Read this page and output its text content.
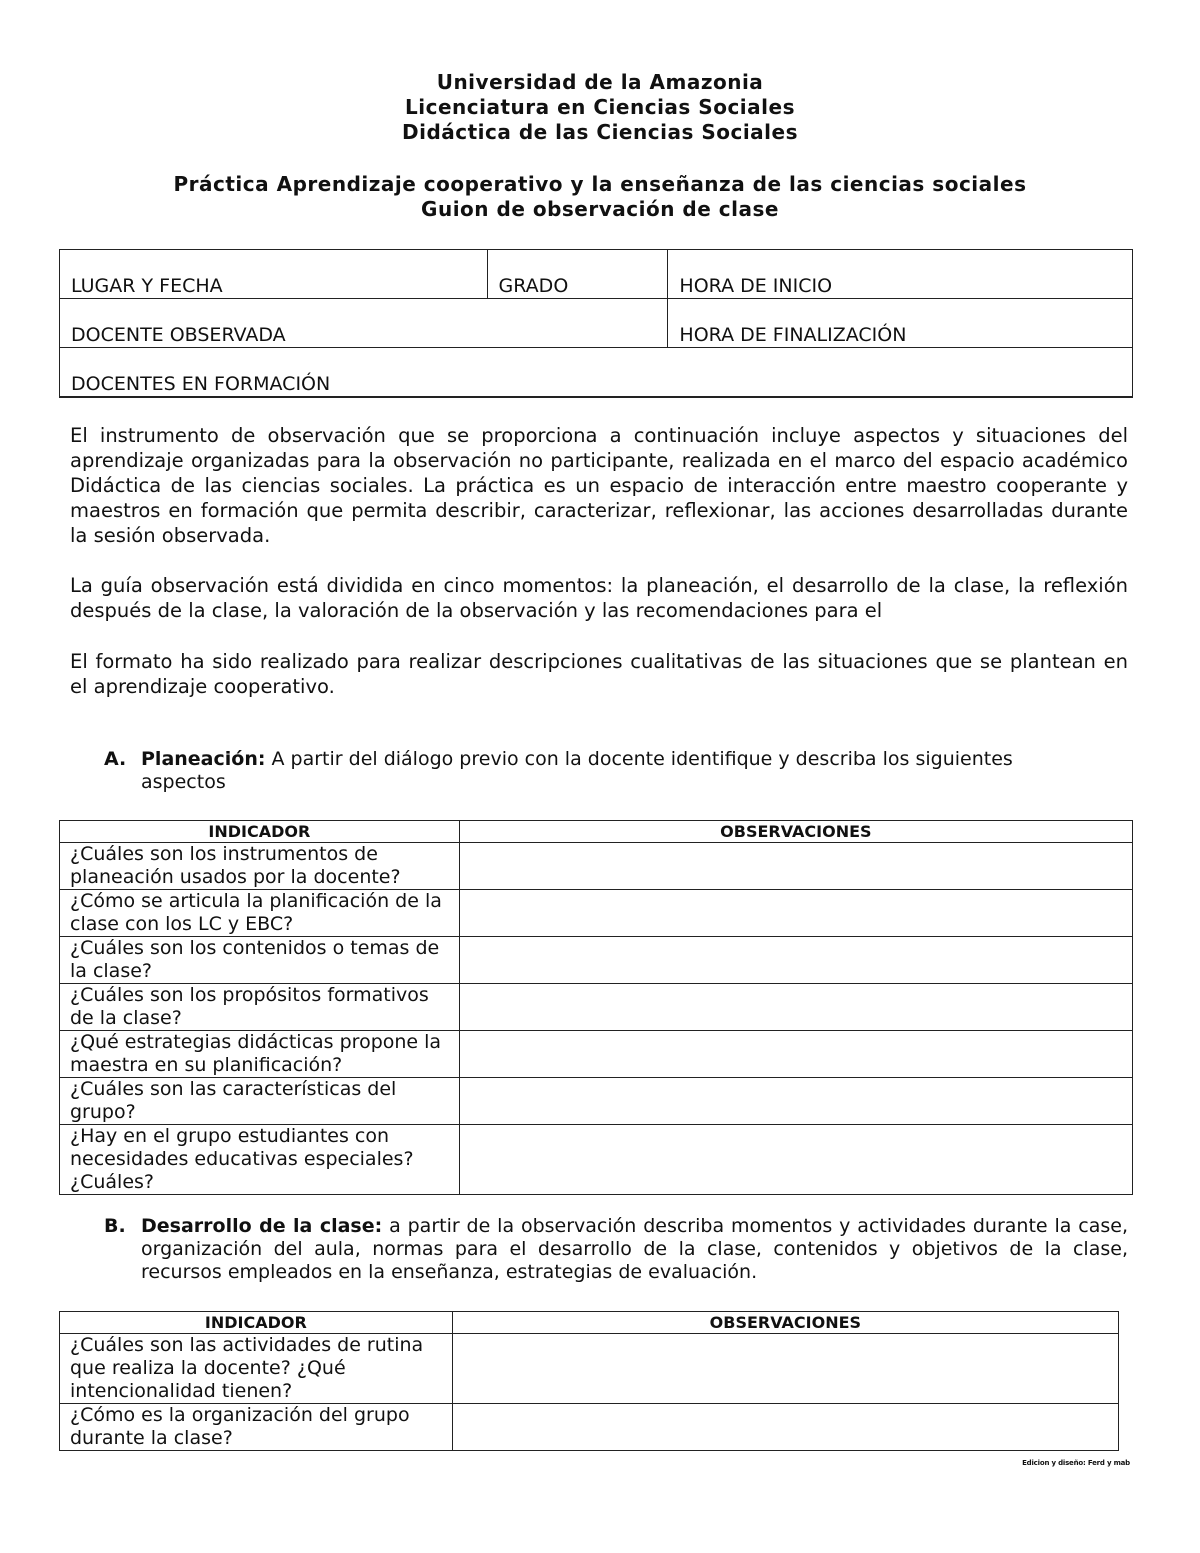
Universidad de la Amazonia
Licenciatura en Ciencias Sociales
Didáctica de las Ciencias Sociales
Práctica Aprendizaje cooperativo y la enseñanza de las ciencias sociales
Guion de observación de clase
LUGAR Y FECHA	GRADO	HORA DE INICIO
DOCENTE OBSERVADA		HORA DE FINALIZACIÓN
DOCENTES EN FORMACIÓN		
El instrumento de observación que se proporciona a continuación incluye aspectos y situaciones del aprendizaje organizadas para la observación no participante, realizada en el marco del espacio académico Didáctica de las ciencias sociales. La práctica es un espacio de interacción entre maestro cooperante y maestros en formación que permita describir, caracterizar, reflexionar, las acciones desarrolladas durante la sesión observada.
La guía observación está dividida en cinco momentos: la planeación, el desarrollo de la clase, la reflexión después de la clase, la valoración de la observación y las recomendaciones para el
El formato ha sido realizado para realizar descripciones cualitativas de las situaciones que se plantean en el aprendizaje cooperativo.
A. Planeación: A partir del diálogo previo con la docente identifique y describa los siguientes aspectos
INDICADOR	OBSERVACIONES
¿Cuáles son los instrumentos de planeación usados por la docente?	
¿Cómo se articula la planificación de la clase con los LC y EBC?	
¿Cuáles son los contenidos o temas de la clase?	
¿Cuáles son los propósitos formativos de la clase?	
¿Qué estrategias didácticas propone la maestra en su planificación?	
¿Cuáles son las características del grupo?	
¿Hay en el grupo estudiantes con necesidades educativas especiales? ¿Cuáles?	
B. Desarrollo de la clase: a partir de la observación describa momentos y actividades durante la case, organización del aula, normas para el desarrollo de la clase, contenidos y objetivos de la clase, recursos empleados en la enseñanza, estrategias de evaluación.
INDICADOR	OBSERVACIONES
¿Cuáles son las actividades de rutina que realiza la docente? ¿Qué intencionalidad tienen?	
¿Cómo es la organización del grupo durante la clase?	
Edicion y diseño: Ferd y mab
